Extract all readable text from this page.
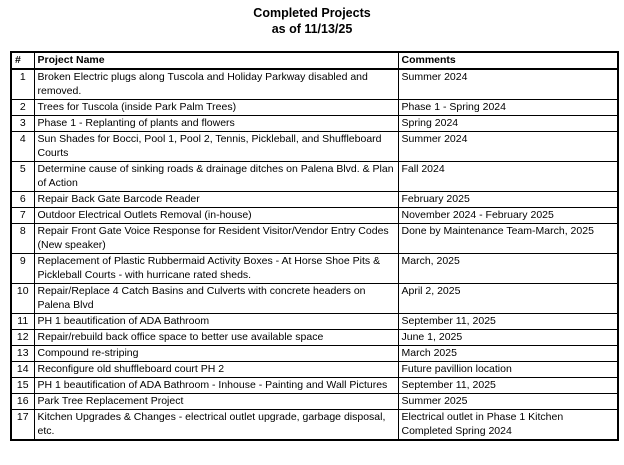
Completed Projects
as of 11/13/25
#	Project Name	Comments
1	Broken Electric plugs along Tuscola and Holiday Parkway disabled and removed.	Summer 2024
2	Trees for Tuscola (inside Park Palm Trees)	Phase 1 - Spring 2024
3	Phase 1 - Replanting of plants and flowers	Spring 2024
4	Sun Shades for Bocci, Pool 1, Pool 2, Tennis, Pickleball, and Shuffleboard Courts	Summer 2024
5	Determine cause of sinking roads & drainage ditches on Palena Blvd. & Plan of Action	Fall 2024
6	Repair Back Gate Barcode Reader	February 2025
7	Outdoor Electrical Outlets Removal (in-house)	November 2024 - February 2025
8	Repair Front Gate Voice Response for Resident Visitor/Vendor Entry Codes (New speaker)	Done by Maintenance Team-March, 2025
9	Replacement of Plastic Rubbermaid Activity Boxes - At Horse Shoe Pits & Pickleball Courts - with hurricane rated sheds.	March, 2025
10	Repair/Replace 4 Catch Basins and Culverts with concrete headers on Palena Blvd	April 2, 2025
11	PH 1 beautification of ADA Bathroom	September 11, 2025
12	Repair/rebuild back office space to better use available space	June 1, 2025
13	Compound re-striping	March 2025
14	Reconfigure old shuffleboard court PH 2	Future pavillion location
15	PH 1 beautification of ADA Bathroom - Inhouse - Painting and Wall Pictures	September 11, 2025
16	Park Tree Replacement Project	Summer 2025
17	Kitchen Upgrades & Changes - electrical outlet upgrade, garbage disposal, etc.	Electrical outlet in Phase 1 Kitchen Completed Spring 2024
